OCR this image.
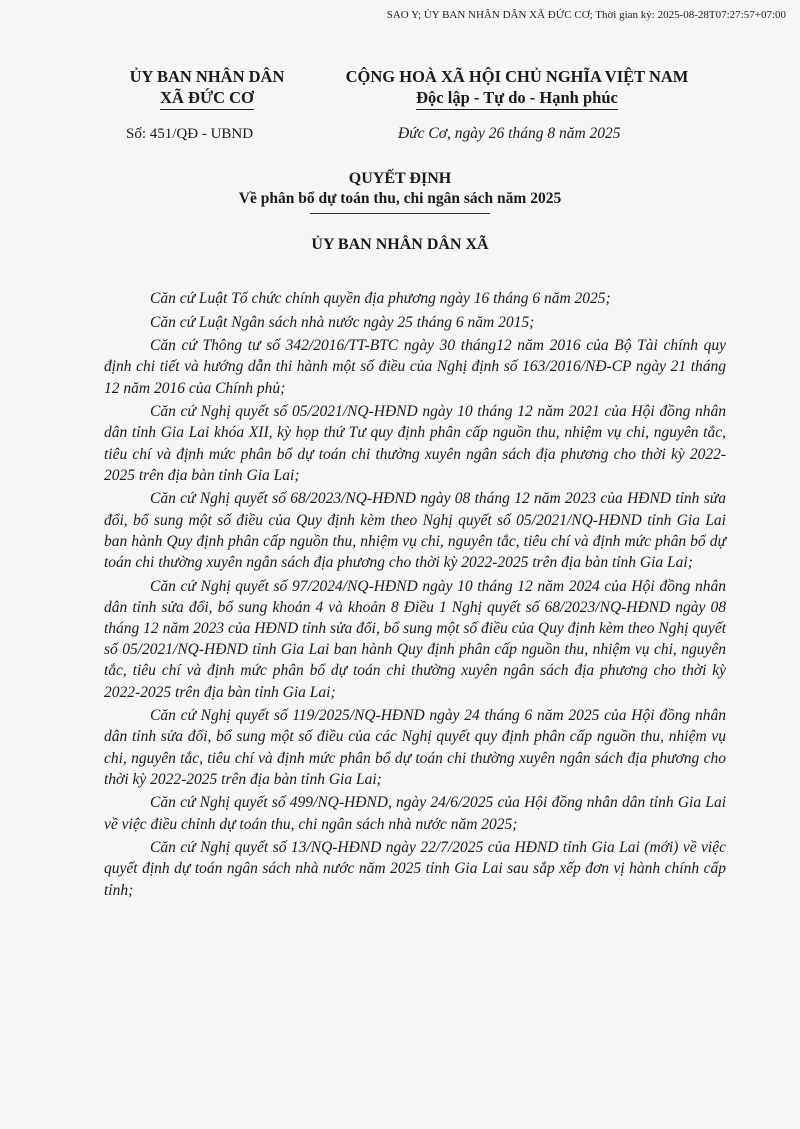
SAO Y; ỦY BAN NHÂN DÂN XÃ ĐỨC CƠ; Thời gian ký: 2025-08-28T07:27:57+07:00
ỦY BAN NHÂN DÂN
XÃ ĐỨC CƠ
CỘNG HOÀ XÃ HỘI CHỦ NGHĨA VIỆT NAM
Độc lập - Tự do - Hạnh phúc
Số: 451/QĐ - UBND	Đức Cơ, ngày 26 tháng 8 năm 2025
QUYẾT ĐỊNH
Về phân bổ dự toán thu, chi ngân sách năm 2025
ỦY BAN NHÂN DÂN XÃ

Căn cứ Luật Tổ chức chính quyền địa phương ngày 16 tháng 6 năm 2025;

Căn cứ Luật Ngân sách nhà nước ngày 25 tháng 6 năm 2015;

Căn cứ Thông tư số 342/2016/TT-BTC ngày 30 tháng12 năm 2016 của Bộ Tài chính quy định chi tiết và hướng dẫn thi hành một số điều của Nghị định số 163/2016/NĐ-CP ngày 21 tháng 12 năm 2016 của Chính phủ;

Căn cứ Nghị quyết số 05/2021/NQ-HĐND ngày 10 tháng 12 năm 2021 của Hội đồng nhân dân tỉnh Gia Lai khóa XII, kỳ họp thứ Tư quy định phân cấp nguồn thu, nhiệm vụ chi, nguyên tắc, tiêu chí và định mức phân bổ dự toán chi thường xuyên ngân sách địa phương cho thời kỳ 2022-2025 trên địa bàn tỉnh Gia Lai;

Căn cứ Nghị quyết số 68/2023/NQ-HĐND ngày 08 tháng 12 năm 2023 của HĐND tỉnh sửa đổi, bổ sung một số điều của Quy định kèm theo Nghị quyết số 05/2021/NQ-HĐND tỉnh Gia Lai ban hành Quy định phân cấp nguồn thu, nhiệm vụ chi, nguyên tắc, tiêu chí và định mức phân bổ dự toán chi thường xuyên ngân sách địa phương cho thời kỳ 2022-2025 trên địa bàn tỉnh Gia Lai;

Căn cứ Nghị quyết số 97/2024/NQ-HĐND ngày 10 tháng 12 năm 2024 của Hội đồng nhân dân tỉnh sửa đổi, bổ sung khoản 4 và khoản 8 Điều 1 Nghị quyết số 68/2023/NQ-HĐND ngày 08 tháng 12 năm 2023 của HĐND tỉnh sửa đổi, bổ sung một số điều của Quy định kèm theo Nghị quyết số 05/2021/NQ-HĐND tỉnh Gia Lai ban hành Quy định phân cấp nguồn thu, nhiệm vụ chi, nguyên tắc, tiêu chí và định mức phân bổ dự toán chi thường xuyên ngân sách địa phương cho thời kỳ 2022-2025 trên địa bàn tỉnh Gia Lai;

Căn cứ Nghị quyết số 119/2025/NQ-HĐND ngày 24 tháng 6 năm 2025 của Hội đồng nhân dân tỉnh sửa đổi, bổ sung một số điều của các Nghị quyết quy định phân cấp nguồn thu, nhiệm vụ chi, nguyên tắc, tiêu chí và định mức phân bổ dự toán chi thường xuyên ngân sách địa phương cho thời kỳ 2022-2025 trên địa bàn tỉnh Gia Lai;

Căn cứ Nghị quyết số 499/NQ-HĐND, ngày 24/6/2025 của Hội đồng nhân dân tỉnh Gia Lai về việc điều chỉnh dự toán thu, chi ngân sách nhà nước năm 2025;

Căn cứ Nghị quyết số 13/NQ-HĐND ngày 22/7/2025 của HĐND tỉnh Gia Lai (mới) về việc quyết định dự toán ngân sách nhà nước năm 2025 tỉnh Gia Lai sau sắp xếp đơn vị hành chính cấp tỉnh;
